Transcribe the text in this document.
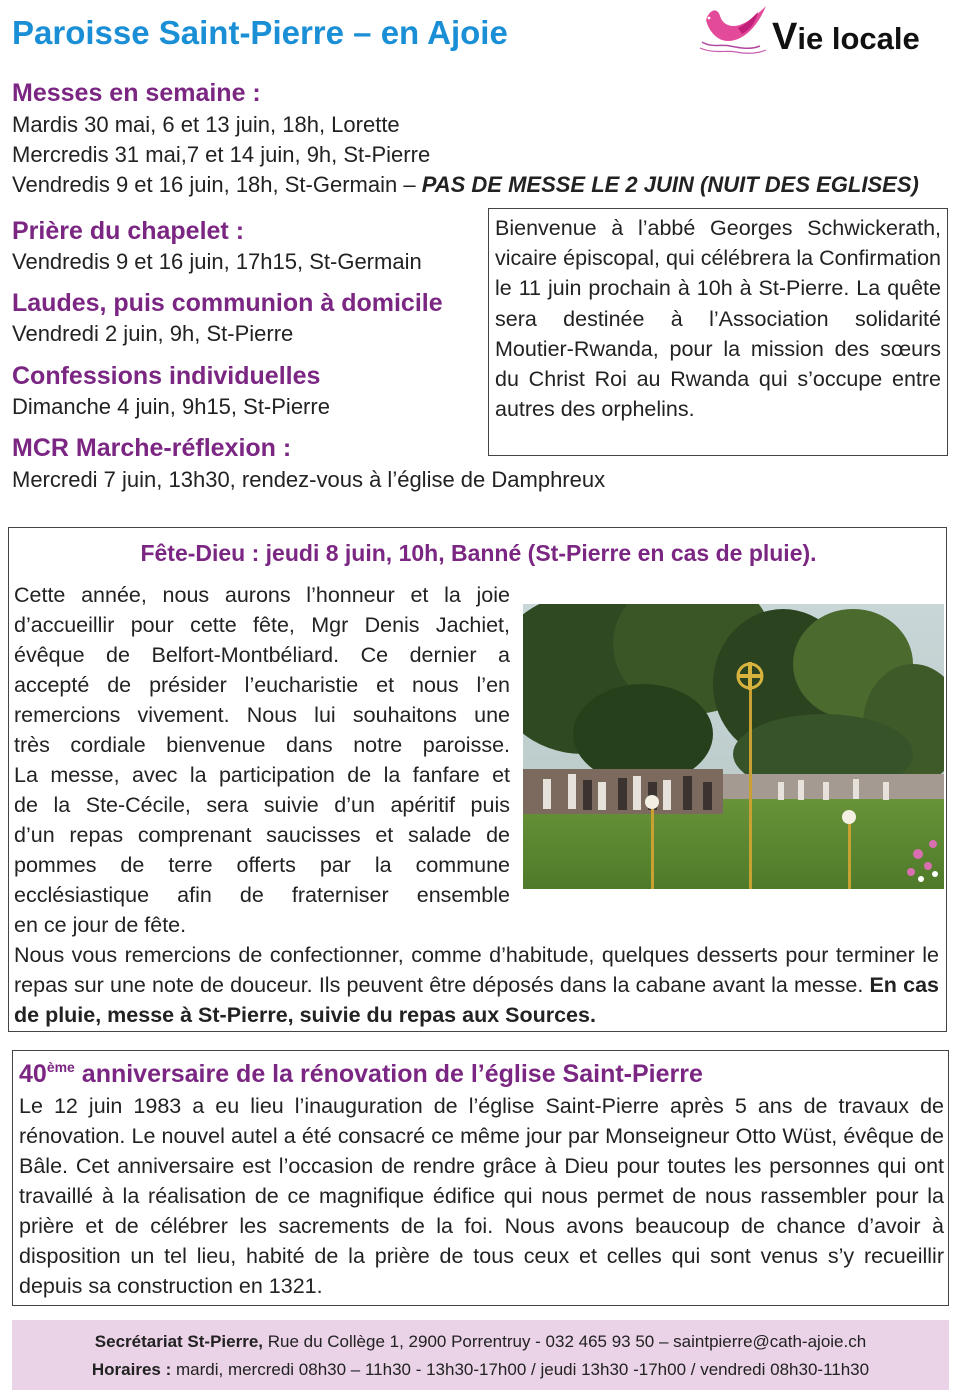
Paroisse Saint-Pierre – en Ajoie	Vie locale
Messes en semaine :
Mardis 30 mai, 6 et 13 juin, 18h, Lorette
Mercredis 31 mai,7 et 14 juin, 9h, St-Pierre
Vendredis 9 et 16 juin, 18h, St-Germain – PAS DE MESSE LE 2 JUIN (NUIT DES EGLISES)
Prière du chapelet :
Vendredis 9 et 16 juin, 17h15, St-Germain
Laudes, puis communion à domicile
Vendredi 2 juin, 9h, St-Pierre
Confessions individuelles
Dimanche 4 juin, 9h15, St-Pierre
MCR Marche-réflexion :
Mercredi 7 juin, 13h30, rendez-vous à l’église de Damphreux
Bienvenue à l’abbé Georges Schwickerath, vicaire épiscopal, qui célébrera la Confirmation le 11 juin prochain à 10h à St-Pierre. La quête sera destinée à l’Association solidarité Moutier-Rwanda, pour la mission des sœurs du Christ Roi au Rwanda qui s’occupe entre autres des orphelins.
Fête-Dieu : jeudi 8 juin, 10h, Banné (St-Pierre en cas de pluie).
Cette année, nous aurons l’honneur et la joie
d’accueillir pour cette fête, Mgr Denis Jachiet,
évêque de Belfort-Montbéliard. Ce dernier a
accepté de présider l’eucharistie et nous l’en
remercions vivement. Nous lui souhaitons une
très cordiale bienvenue dans notre paroisse.
La messe, avec la participation de la fanfare et
de la Ste-Cécile, sera suivie d’un apéritif puis
d’un repas comprenant saucisses et salade de
pommes de terre offerts par la commune
ecclésiastique afin de fraterniser ensemble
en ce jour de fête.
Nous vous remercions de confectionner, comme d’habitude, quelques desserts pour terminer le repas sur une note de douceur. Ils peuvent être déposés dans la cabane avant la messe. En cas de pluie, messe à St-Pierre, suivie du repas aux Sources.
40ème anniversaire de la rénovation de l’église Saint-Pierre
Le 12 juin 1983 a eu lieu l’inauguration de l’église Saint-Pierre après 5 ans de travaux de rénovation. Le nouvel autel a été consacré ce même jour par Monseigneur Otto Wüst, évêque de Bâle. Cet anniversaire est l’occasion de rendre grâce à Dieu pour toutes les personnes qui ont travaillé à la réalisation de ce magnifique édifice qui nous permet de nous rassembler pour la prière et de célébrer les sacrements de la foi. Nous avons beaucoup de chance d’avoir à disposition un tel lieu, habité de la prière de tous ceux et celles qui sont venus s’y recueillir depuis sa construction en 1321.
Secrétariat St-Pierre, Rue du Collège 1, 2900 Porrentruy - 032 465 93 50 – saintpierre@cath-ajoie.ch
Horaires : mardi, mercredi 08h30 – 11h30 - 13h30-17h00 / jeudi 13h30 -17h00 / vendredi 08h30-11h30
